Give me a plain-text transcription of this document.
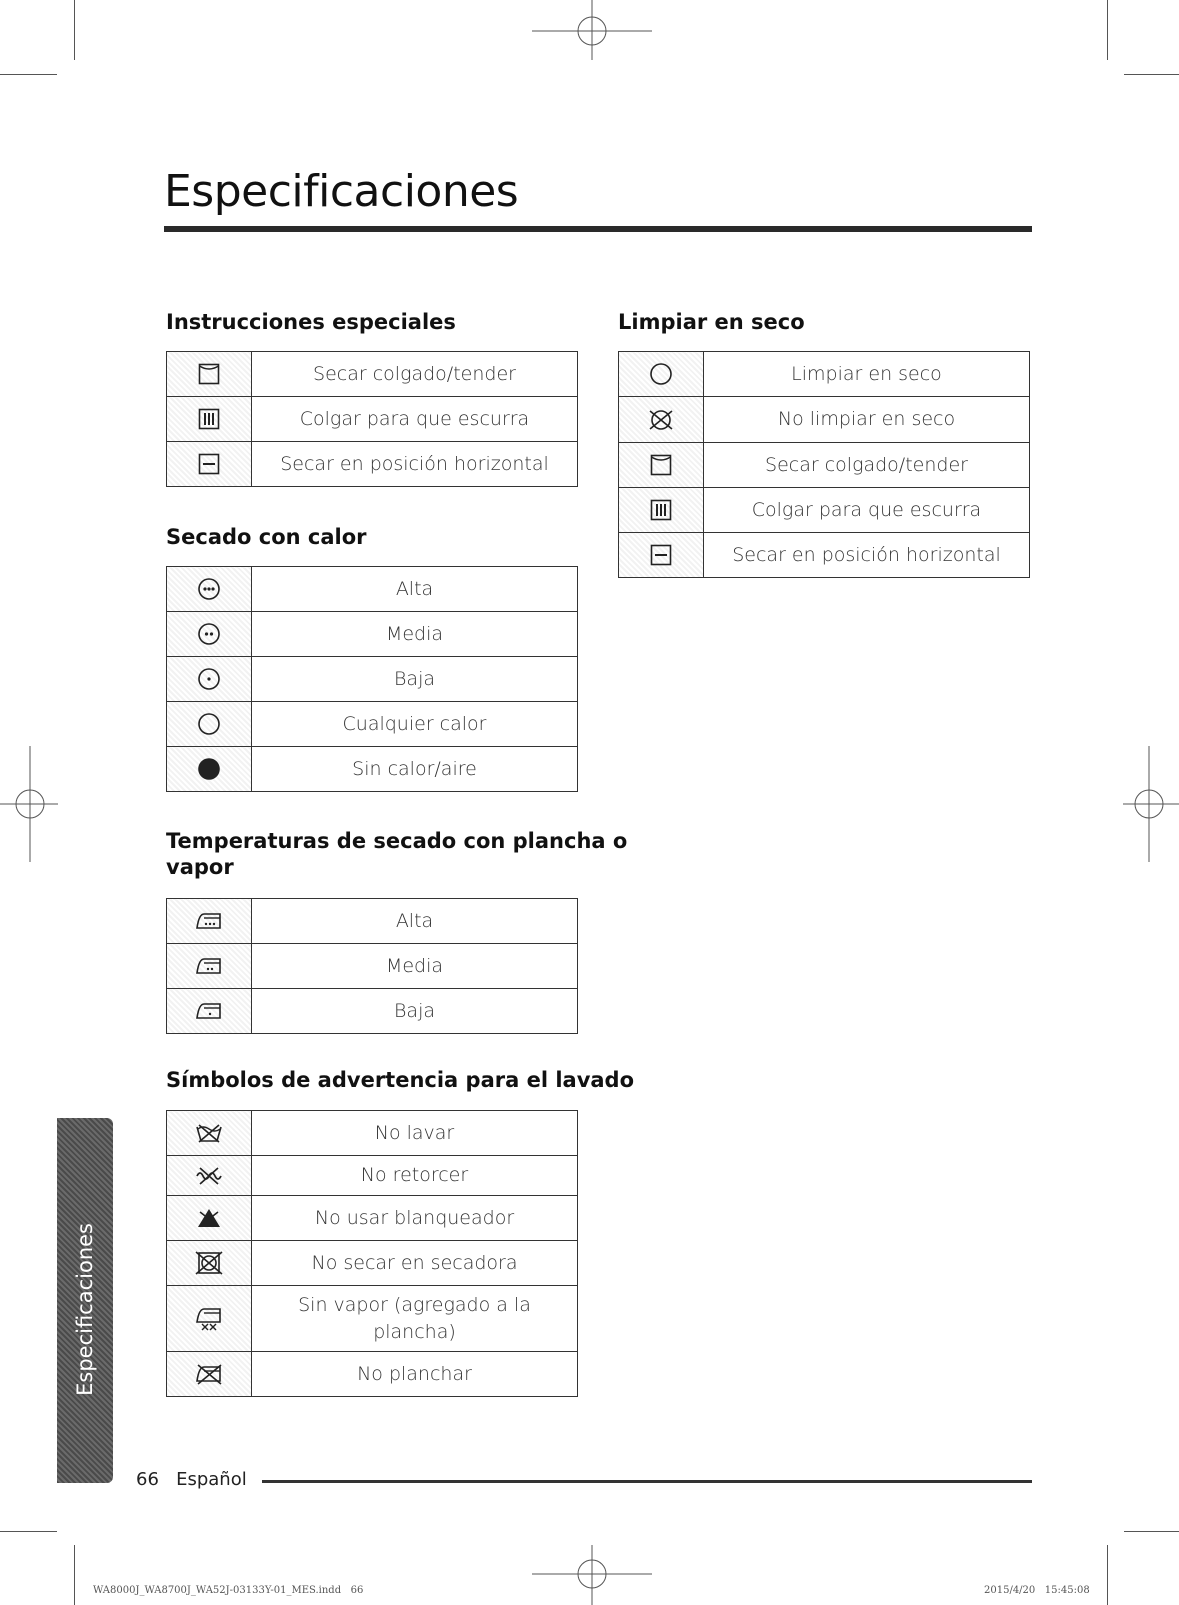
Especificaciones
Instrucciones especiales
	Secar colgado/tender

	Colgar para que escurra

	Secar en posición horizontal
Secado con calor
	Alta

	Media

	Baja

	Cualquier calor

	Sin calor/aire
Temperaturas de secado con plancha o
vapor
	Alta

	Media

	Baja
Símbolos de advertencia para el lavado
	No lavar

	No retorcer

	No usar blanqueador

	No secar en secadora

Sin vapor (agregado a la
plancha)

	No planchar
Limpiar en seco
	Limpiar en seco

	No limpiar en seco

	Secar colgado/tender

	Colgar para que escurra

	Secar en posición horizontal
Especificaciones
66 Español
WA8000J_WA8700J_WA52J-03133Y-01_MES.indd   66	2015/4/20   15:45:08
